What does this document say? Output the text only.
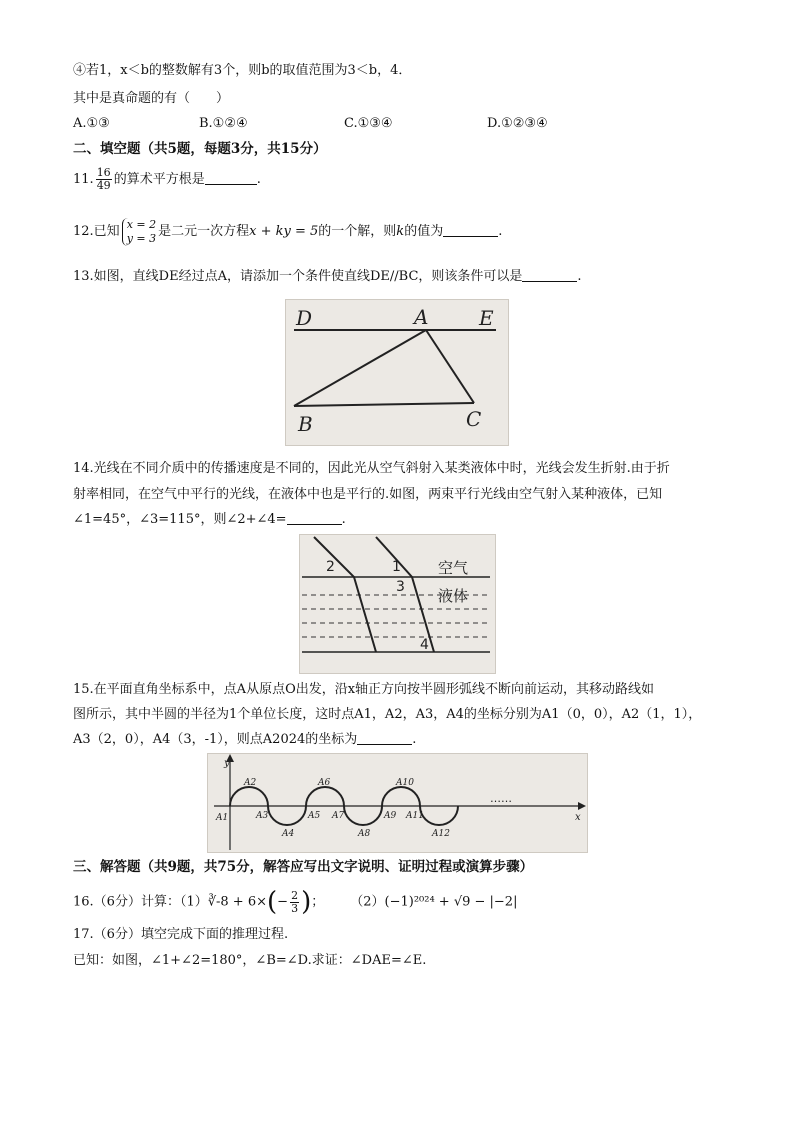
④若1，x＜b的整数解有3个，则b的取值范围为3＜b，4．
其中是真命题的有（　　）
A.①③	B.①②④	C.①③④	D.①②③④
二、填空题（共5题，每题3分，共15分）
11. $\frac{16}{49}$ 的算术平方根是	.
12.已知 x = 2
y = 3 是二元一次方程x + ky = 5的一个解，则k的值为	.
13.如图，直线DE经过点A，请添加一个条件使直线DE//BC，则该条件可以是	.
D	A	E
B	C
14.光线在不同介质中的传播速度是不同的，因此光从空气斜射入某类液体中时，光线会发生折射.由于折
射率相同，在空气中平行的光线，在液体中也是平行的.如图，两束平行光线由空气射入某种液体，已知
∠1=45°，∠3=115°，则∠2+∠4=	.
2	1
3
4
空气
液体
15.在平面直角坐标系中，点A从原点O出发，沿x轴正方向按半圆形弧线不断向前运动，其移动路线如
图所示，其中半圆的半径为1个单位长度，这时点A1，A2，A3，A4的坐标分别为A1（0，0），A2（1，1），
A3（2，0），A4（3，-1），则点A2024的坐标为	.
y
x
……
A1
A2
A3
A4
A5
A6
A7
A8
A9
A10
A11
A12
三、解答题（共9题，共75分，解答应写出文字说明、证明过程或演算步骤）
16.（6分）计算：（1）∛-8 + $6\times(- \frac{2}{3}$ )； （2）(−1)²⁰²⁴ + √9 − |−2|
17.（6分）填空完成下面的推理过程.
已知：如图，∠1+∠2=180°，∠B=∠D.求证：∠DAE=∠E.
